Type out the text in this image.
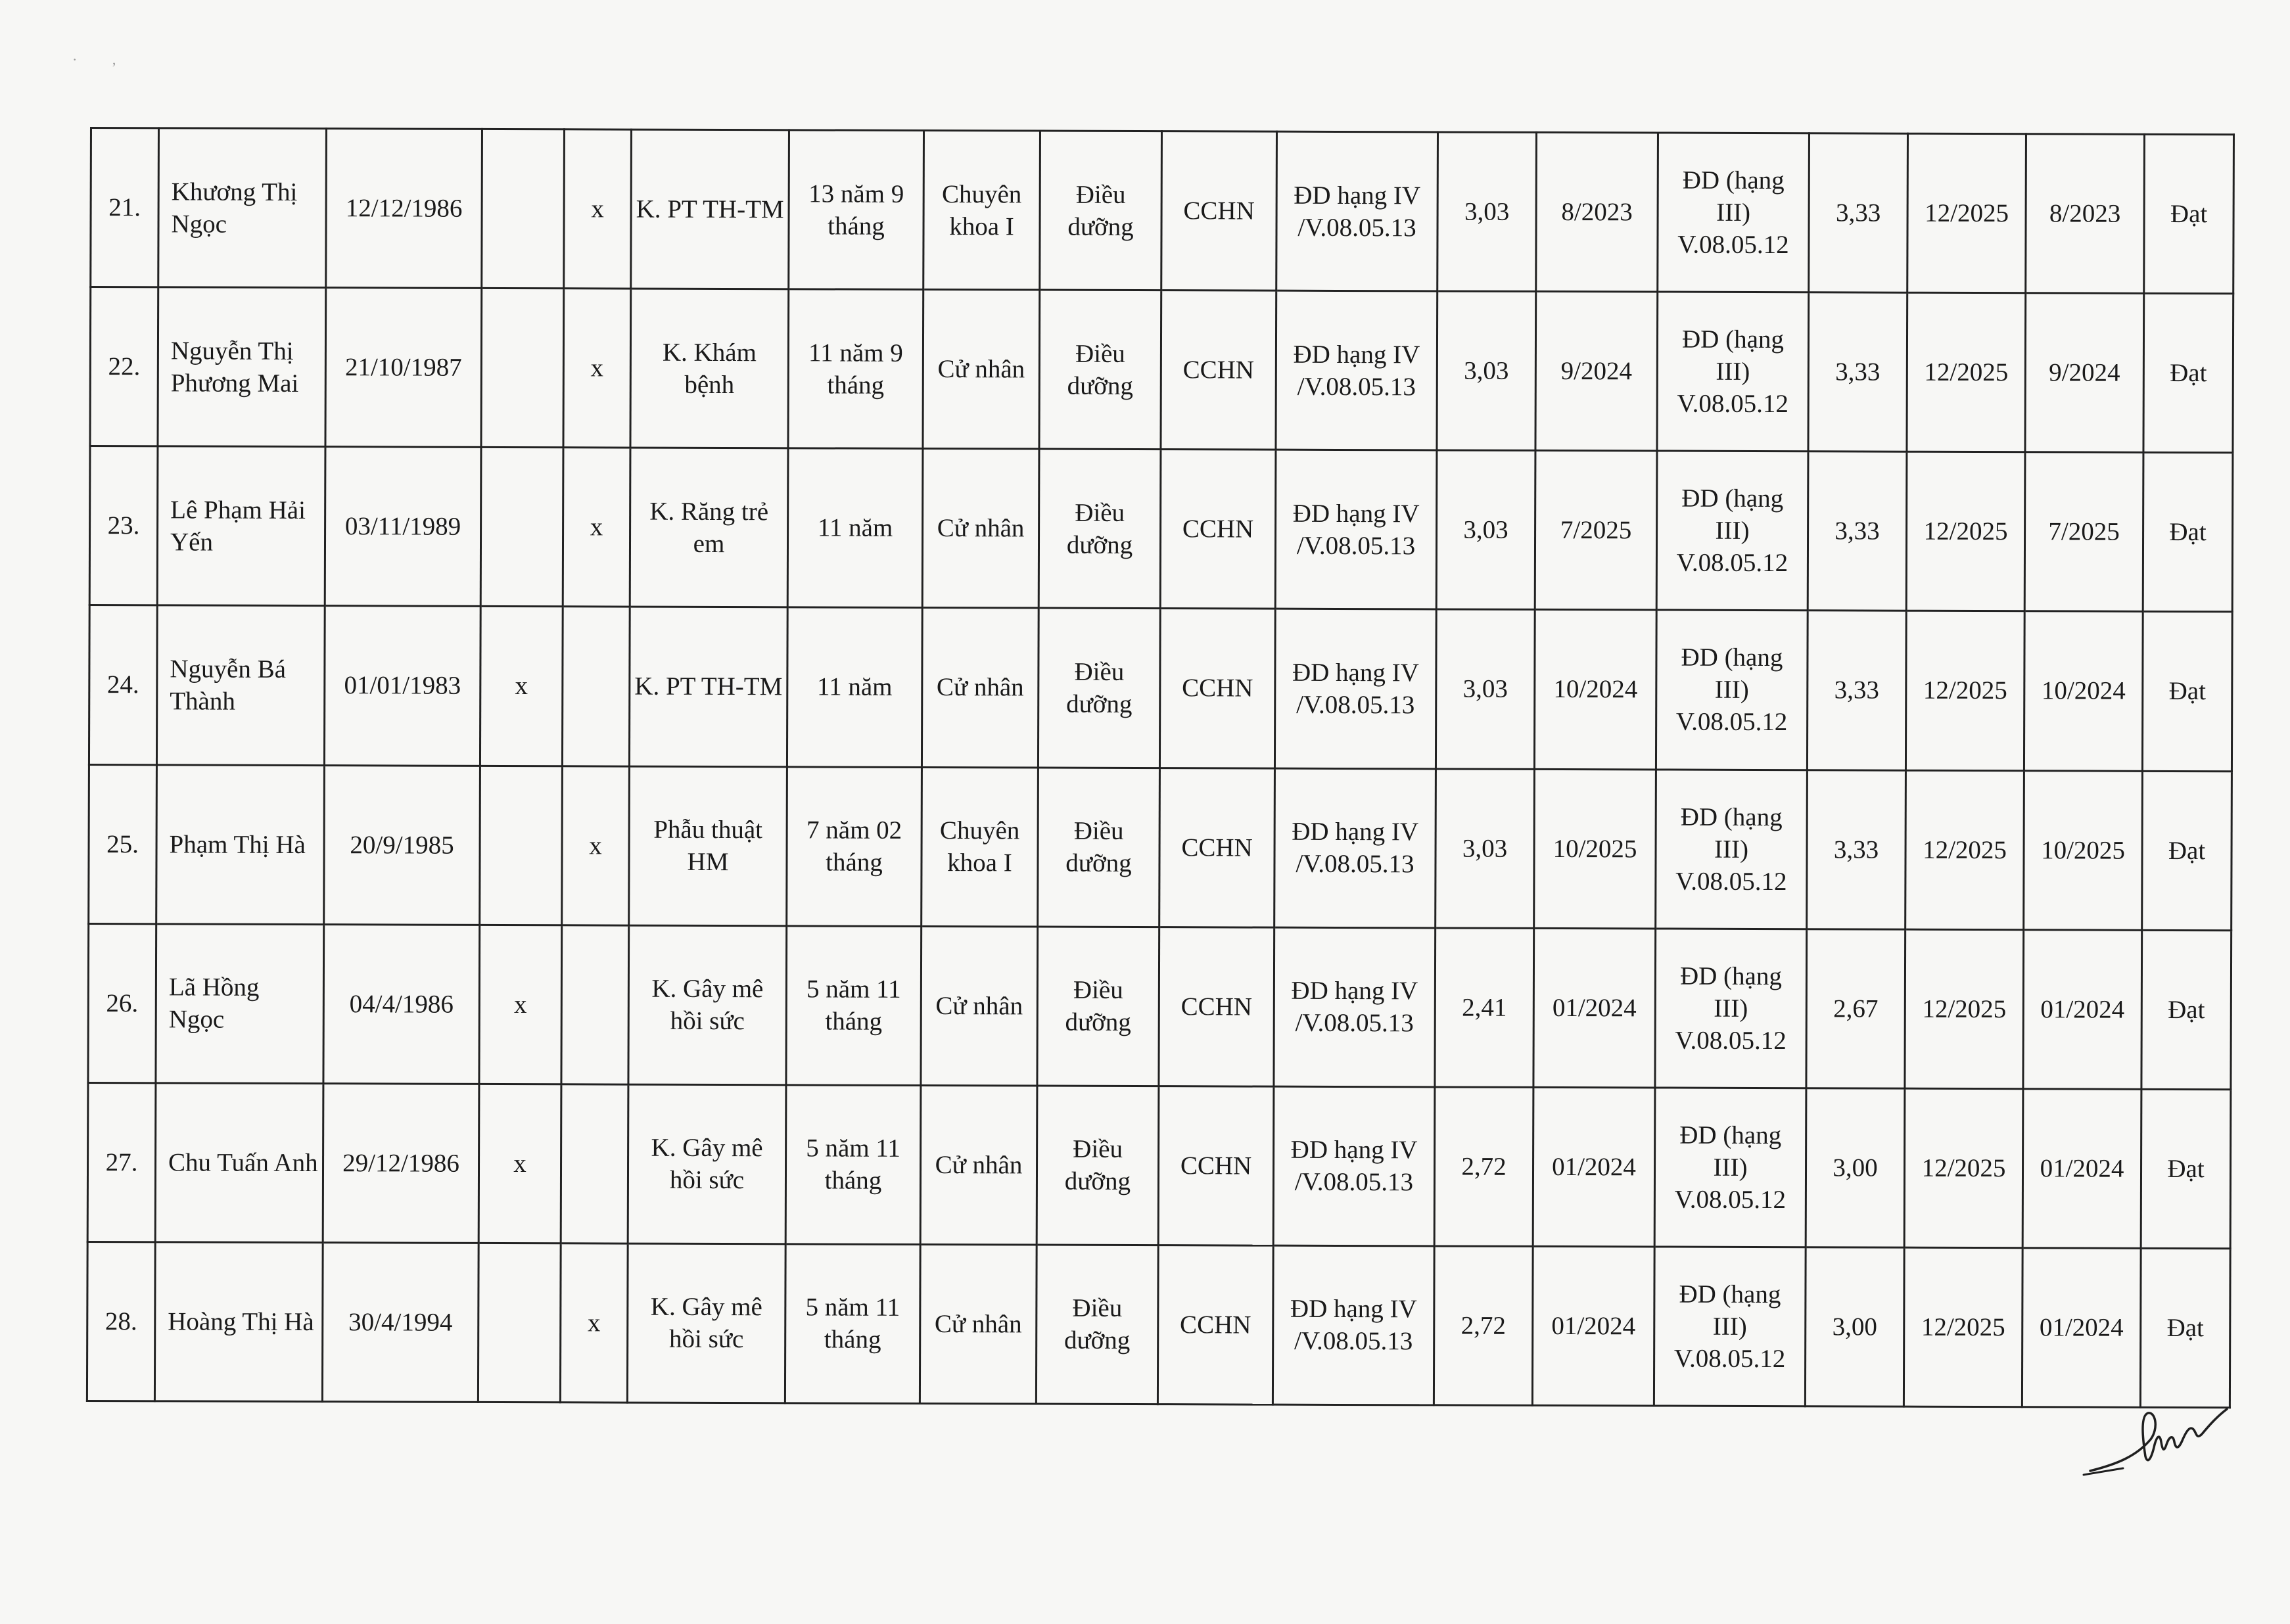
· ,
21.	Khương Thị Ngọc	12/12/1986		x	K. PT TH-TM	13 năm 9 tháng	Chuyên khoa I	Điều dưỡng	CCHN	ĐD hạng IV /V.08.05.13	3,03	8/2023	ĐD (hạng III) V.08.05.12	3,33	12/2025	8/2023	Đạt
22.	Nguyễn Thị Phương Mai	21/10/1987		x	K. Khám bệnh	11 năm 9 tháng	Cử nhân	Điều dưỡng	CCHN	ĐD hạng IV /V.08.05.13	3,03	9/2024	ĐD (hạng III) V.08.05.12	3,33	12/2025	9/2024	Đạt
23.	Lê Phạm Hải Yến	03/11/1989		x	K. Răng trẻ em	11 năm	Cử nhân	Điều dưỡng	CCHN	ĐD hạng IV /V.08.05.13	3,03	7/2025	ĐD (hạng III) V.08.05.12	3,33	12/2025	7/2025	Đạt
24.	Nguyễn Bá Thành	01/01/1983	x		K. PT TH-TM	11 năm	Cử nhân	Điều dưỡng	CCHN	ĐD hạng IV /V.08.05.13	3,03	10/2024	ĐD (hạng III) V.08.05.12	3,33	12/2025	10/2024	Đạt
25.	Phạm Thị Hà	20/9/1985		x	Phẫu thuật HM	7 năm 02 tháng	Chuyên khoa I	Điều dưỡng	CCHN	ĐD hạng IV /V.08.05.13	3,03	10/2025	ĐD (hạng III) V.08.05.12	3,33	12/2025	10/2025	Đạt
26.	Lã Hồng Ngọc	04/4/1986	x		K. Gây mê hồi sức	5 năm 11 tháng	Cử nhân	Điều dưỡng	CCHN	ĐD hạng IV /V.08.05.13	2,41	01/2024	ĐD (hạng III) V.08.05.12	2,67	12/2025	01/2024	Đạt
27.	Chu Tuấn Anh	29/12/1986	x		K. Gây mê hồi sức	5 năm 11 tháng	Cử nhân	Điều dưỡng	CCHN	ĐD hạng IV /V.08.05.13	2,72	01/2024	ĐD (hạng III) V.08.05.12	3,00	12/2025	01/2024	Đạt
28.	Hoàng Thị Hà	30/4/1994		x	K. Gây mê hồi sức	5 năm 11 tháng	Cử nhân	Điều dưỡng	CCHN	ĐD hạng IV /V.08.05.13	2,72	01/2024	ĐD (hạng III) V.08.05.12	3,00	12/2025	01/2024	Đạt
